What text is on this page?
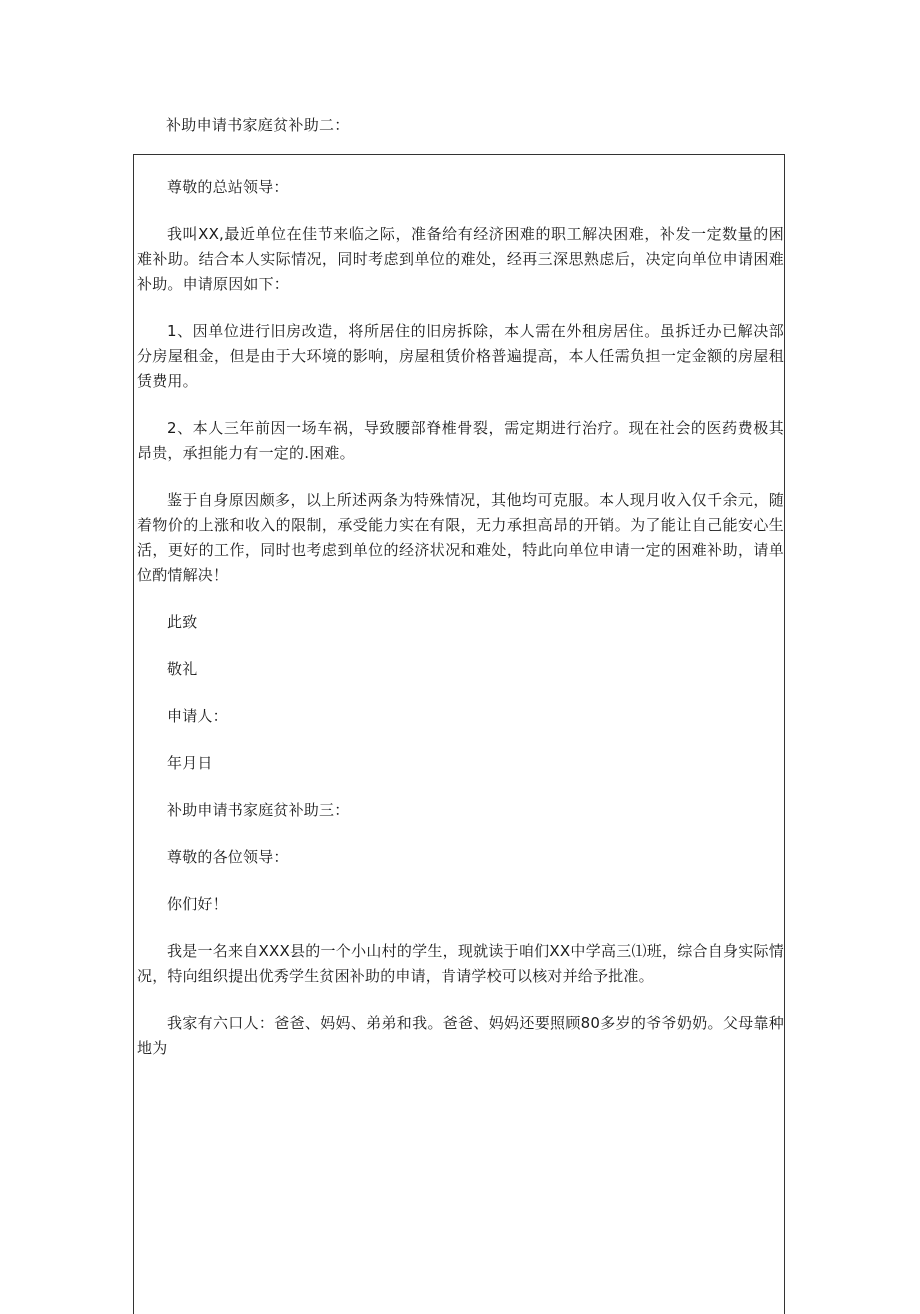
补助申请书家庭贫补助二：

尊敬的总站领导：

我叫XX,最近单位在佳节来临之际，准备给有经济困难的职工解决困难，补发一定数量的困难补助。结合本人实际情况，同时考虑到单位的难处，经再三深思熟虑后，决定向单位申请困难补助。申请原因如下：

1、因单位进行旧房改造，将所居住的旧房拆除，本人需在外租房居住。虽拆迁办已解决部分房屋租金，但是由于大环境的影响，房屋租赁价格普遍提高，本人任需负担一定金额的房屋租赁费用。

2、本人三年前因一场车祸，导致腰部脊椎骨裂，需定期进行治疗。现在社会的医药费极其昂贵，承担能力有一定的.困难。

鉴于自身原因颇多，以上所述两条为特殊情况，其他均可克服。本人现月收入仅千余元，随着物价的上涨和收入的限制，承受能力实在有限，无力承担高昂的开销。为了能让自己能安心生活，更好的工作，同时也考虑到单位的经济状况和难处，特此向单位申请一定的困难补助，请单位酌情解决！

此致

敬礼

申请人：

年月日

补助申请书家庭贫补助三：

尊敬的各位领导：

你们好！

我是一名来自XXX县的一个小山村的学生，现就读于咱们XX中学高三⑴班，综合自身实际情况，特向组织提出优秀学生贫困补助的申请，肯请学校可以核对并给予批准。

我家有六口人：爸爸、妈妈、弟弟和我。爸爸、妈妈还要照顾80多岁的爷爷奶奶。父母靠种地为
